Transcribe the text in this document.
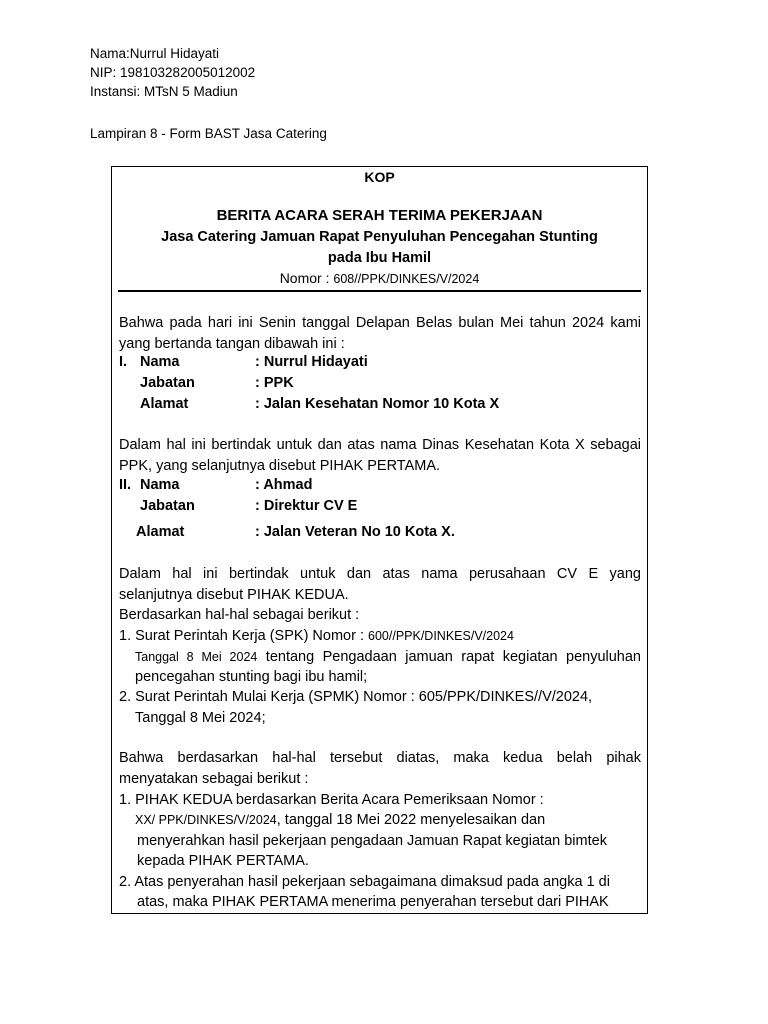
Nama:Nurrul Hidayati
NIP: 198103282005012002
Instansi: MTsN 5 Madiun
Lampiran 8 - Form BAST Jasa Catering
KOP
BERITA ACARA SERAH TERIMA PEKERJAAN
Jasa Catering Jamuan Rapat Penyuluhan Pencegahan Stunting
pada Ibu Hamil
Nomor : 608//PPK/DINKES/V/2024
Bahwa pada hari ini Senin tanggal Delapan Belas bulan Mei tahun 2024 kami
yang bertanda tangan dibawah ini :
I. Nama	: Nurrul Hidayati
Jabatan	: PPK
Alamat	: Jalan Kesehatan Nomor 10 Kota X
Dalam hal ini bertindak untuk dan atas nama Dinas Kesehatan Kota X sebagai
PPK, yang selanjutnya disebut PIHAK PERTAMA.
II. Nama	: Ahmad
Jabatan	: Direktur CV E
Alamat	: Jalan Veteran No 10 Kota X.
Dalam hal ini bertindak untuk dan atas nama perusahaan CV E yang
selanjutnya disebut PIHAK KEDUA.
Berdasarkan hal-hal sebagai berikut :
1. Surat Perintah Kerja (SPK) Nomor : 600//PPK/DINKES/V/2024
Tanggal 8 Mei 2024 tentang Pengadaan jamuan rapat kegiatan penyuluhan
pencegahan stunting bagi ibu hamil;
2. Surat Perintah Mulai Kerja (SPMK) Nomor : 605/PPK/DINKES//V/2024,
Tanggal 8 Mei 2024;
Bahwa berdasarkan hal-hal tersebut diatas, maka kedua belah pihak
menyatakan sebagai berikut :
1. PIHAK KEDUA berdasarkan Berita Acara Pemeriksaan Nomor :
XX/ PPK/DINKES/V/2024, tanggal 18 Mei 2022 menyelesaikan dan
menyerahkan hasil pekerjaan pengadaan Jamuan Rapat kegiatan bimtek
kepada PIHAK PERTAMA.
2. Atas penyerahan hasil pekerjaan sebagaimana dimaksud pada angka 1 di
atas, maka PIHAK PERTAMA menerima penyerahan tersebut dari PIHAK
